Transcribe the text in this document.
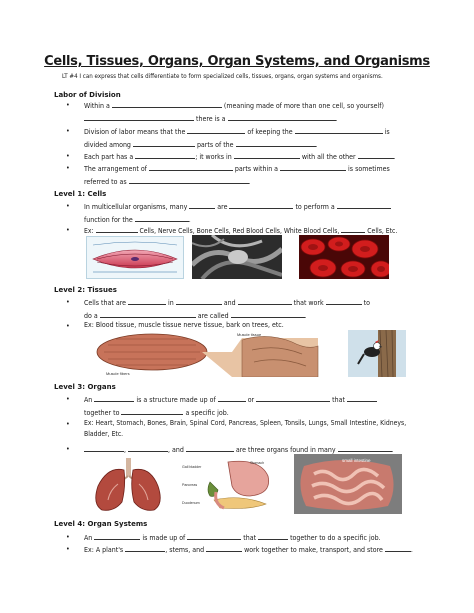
Cells, Tissues, Organs, Organ Systems, and Organisms
LT #4 I can express that cells differentiate to form specialized cells, tissues, organs, organ systems and organisms.
Labor of Division
• Within a	(meaning made of more than one cell, so yourself)
there is a	.
• Division of labor means that the	of keeping the	is
divided among	parts of the	.
• Each part has a	; it works in	with all the other	.
• The arrangement of	parts within a	is sometimes
referred to as	.
Level 1: Cells
• In multicellular organisms, many	are	to perform a
function for the	.
• Ex:	Cells, Nerve Cells, Bone Cells, Red Blood Cells, White Blood Cells,	Cells, Etc.
Level 2: Tissues
• Cells that are	in	and	that work	to
do a	are called	.
• Ex: Blood tissue, muscle tissue nerve tissue, bark on trees, etc.
Muscle fibers
Muscle tissue
Level 3: Organs
• An	is a structure made up of	or	that
together to	a specific job.
• Ex: Heart, Stomach, Bones, Brain, Spinal Cord, Pancreas, Spleen, Tonsils, Lungs, Small Intestine, Kidneys,
Bladder, Etc.
•	,	, and	are three organs found in many	.
Gall bladder
Stomach
Pancreas
Duodenum
small intestine
Level 4: Organ Systems
• An	is made up of	that	together to do a specific job.
• Ex: A plant's	, stems, and	work together to make, transport, and store	.
